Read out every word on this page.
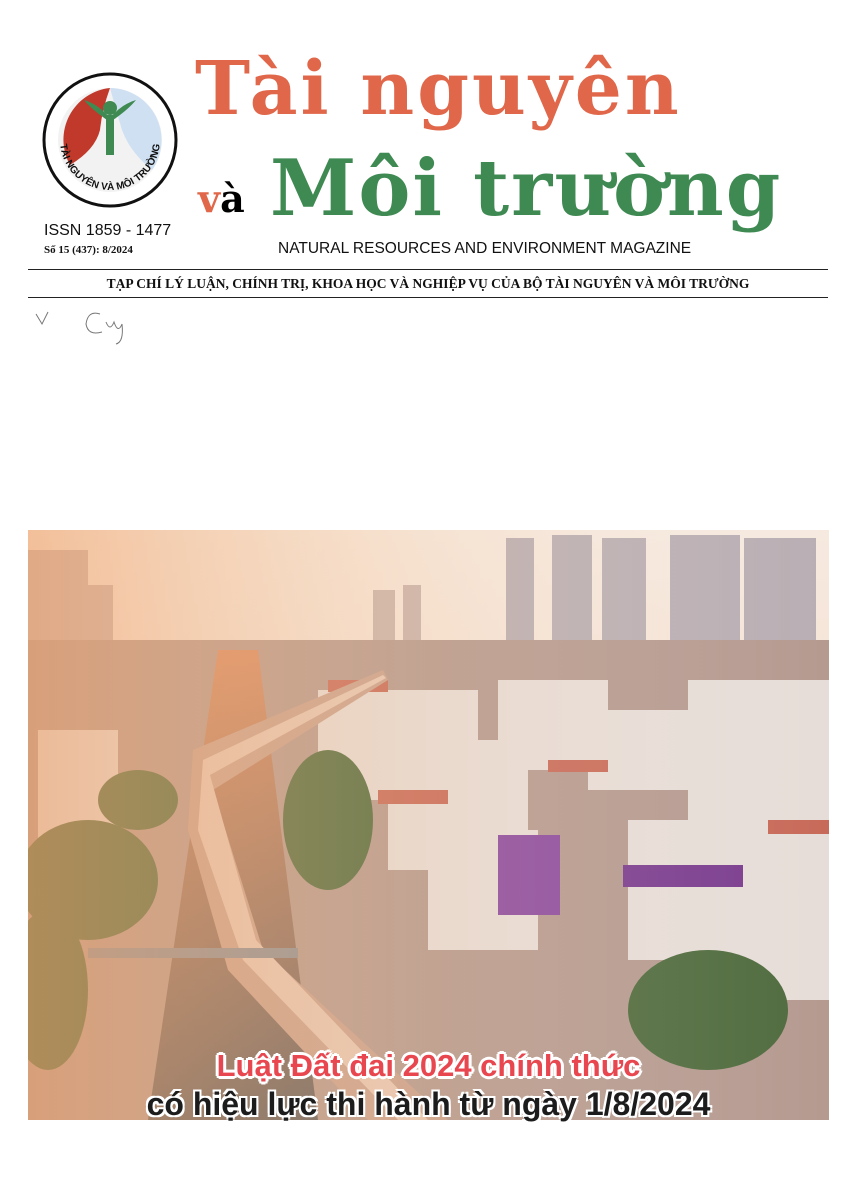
TÀI NGUYÊN VÀ MÔI TRƯỜNG
Tài nguyên
và Môi trường
NATURAL RESOURCES AND ENVIRONMENT MAGAZINE
ISSN 1859 - 1477
Số 15 (437): 8/2024
TẠP CHÍ LÝ LUẬN, CHÍNH TRỊ, KHOA HỌC VÀ NGHIỆP VỤ CỦA BỘ TÀI NGUYÊN VÀ MÔI TRƯỜNG
Luật Đất đai 2024 chính thức
có hiệu lực thi hành từ ngày 1/8/2024
